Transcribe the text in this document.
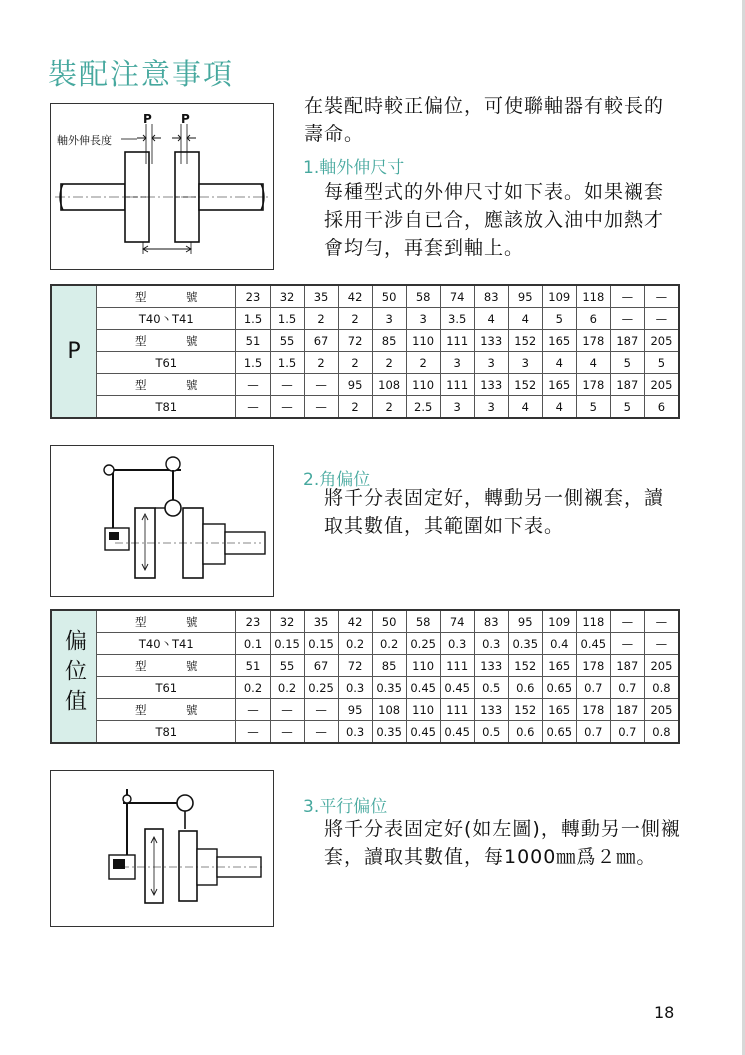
裝配注意事項
軸外伸長度
P P
在裝配時較正偏位，可使聯軸器有較長的
壽命。
1.軸外伸尺寸
每種型式的外伸尺寸如下表。如果襯套
採用干涉自已合，應該放入油中加熱才
會均勻，再套到軸上。
P	型　號	23	32	35	42	50	58	74	83	95	109	118	—	—
	T40丶T41	1.5	1.5	2	2	3	3	3.5	4	4	5	6	—	—
	型　號	51	55	67	72	85	110	111	133	152	165	178	187	205
	T61	1.5	1.5	2	2	2	2	3	3	3	4	4	5	5
	型　號	—	—	—	95	108	110	111	133	152	165	178	187	205
	T81	—	—	—	2	2	2.5	3	3	4	4	5	5	6
2.角偏位
將千分表固定好，轉動另一側襯套，讀
取其數值，其範圍如下表。
偏位值	型　號	23	32	35	42	50	58	74	83	95	109	118	—	—
	T40丶T41	0.1	0.15	0.15	0.2	0.2	0.25	0.3	0.3	0.35	0.4	0.45	—	—
	型　號	51	55	67	72	85	110	111	133	152	165	178	187	205
	T61	0.2	0.2	0.25	0.3	0.35	0.45	0.45	0.5	0.6	0.65	0.7	0.7	0.8
	型　號	—	—	—	95	108	110	111	133	152	165	178	187	205
	T81	—	—	—	0.3	0.35	0.45	0.45	0.5	0.6	0.65	0.7	0.7	0.8
3.平行偏位
將千分表固定好(如左圖)，轉動另一側襯
套，讀取其數值，每1000㎜爲２㎜。
18
